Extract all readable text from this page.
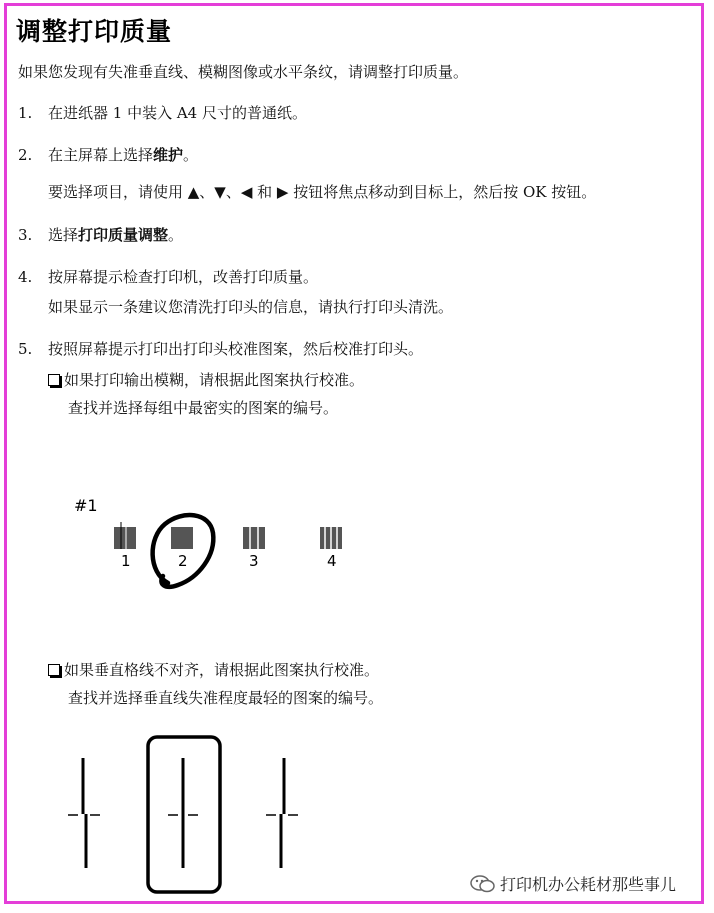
调整打印质量
如果您发现有失准垂直线、模糊图像或水平条纹，请调整打印质量。
1. 在进纸器 1 中装入 A4 尺寸的普通纸。
2. 在主屏幕上选择维护。
要选择项目，请使用 ▲、▼、◀ 和 ▶ 按钮将焦点移动到目标上，然后按 OK 按钮。
3. 选择打印质量调整。
4. 按屏幕提示检查打印机，改善打印质量。
如果显示一条建议您清洗打印头的信息，请执行打印头清洗。
5. 按照屏幕提示打印出打印头校准图案，然后校准打印头。
如果打印输出模糊，请根据此图案执行校准。
查找并选择每组中最密实的图案的编号。
#1
1	2	3	4
如果垂直格线不对齐，请根据此图案执行校准。
查找并选择垂直线失准程度最轻的图案的编号。
打印机办公耗材那些事儿
